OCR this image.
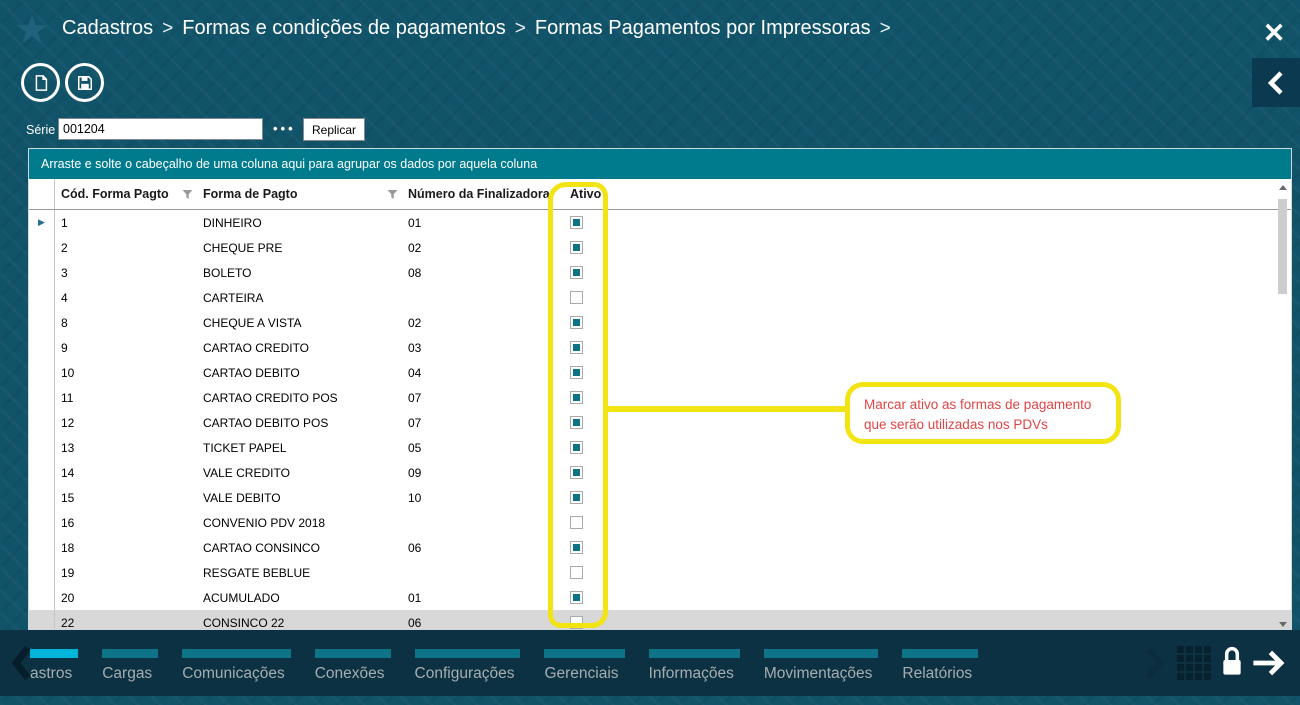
★ Cadastros > Formas e condições de pagamentos > Formas Pagamentos por Impressoras >	✕
Série
001204	•••	Replicar
Arraste e solte o cabeçalho de uma coluna aqui para agrupar os dados por aquela coluna
Cód. Forma Pagto	Forma de Pagto	Número da Finalizadora Ativo
▶	1	DINHEIRO	01
2	CHEQUE PRE	02
3	BOLETO	08
4	CARTEIRA
8	CHEQUE A VISTA	02
9	CARTAO CREDITO	03
10	CARTAO DEBITO	04
11	CARTAO CREDITO POS	07
12	CARTAO DEBITO POS	07
13	TICKET PAPEL	05
14	VALE CREDITO	09
15	VALE DEBITO	10
16	CONVENIO PDV 2018
18	CARTAO CONSINCO	06
19	RESGATE BEBLUE
20	ACUMULADO	01
22	CONSINCO 22	06
Marcar ativo as formas de pagamento
que serão utilizadas nos PDVs
astros	Cargas	Comunicações	Conexões	Configurações	Gerenciais	Informações	Movimentações	Relatórios
